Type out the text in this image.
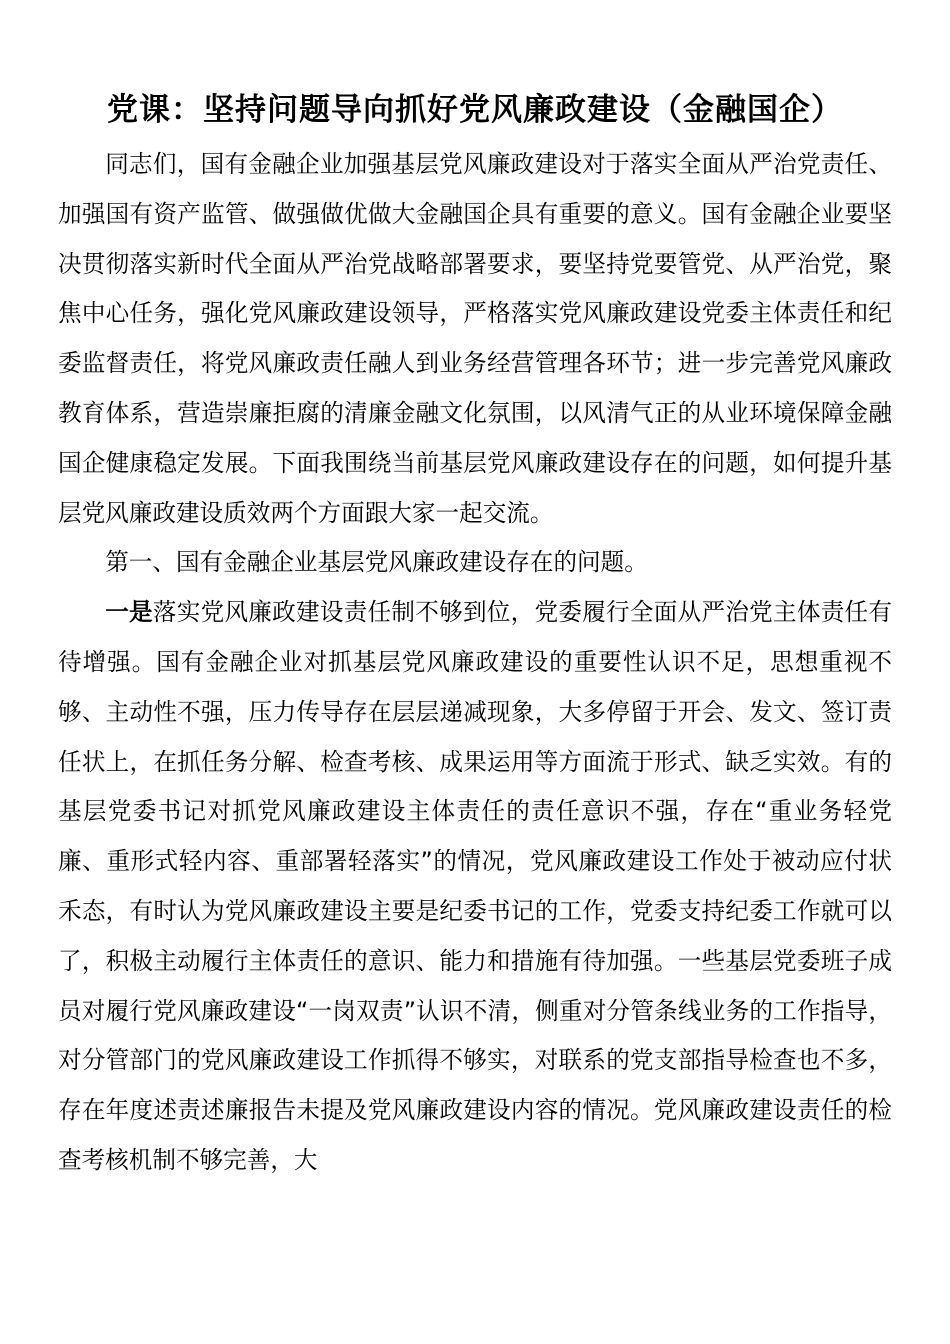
党课：坚持问题导向抓好党风廉政建设（金融国企）

同志们，国有金融企业加强基层党风廉政建设对于落实全面从严治党责任、加强国有资产监管、做强做优做大金融国企具有重要的意义。国有金融企业要坚决贯彻落实新时代全面从严治党战略部署要求，要坚持党要管党、从严治党，聚焦中心任务，强化党风廉政建设领导，严格落实党风廉政建设党委主体责任和纪委监督责任，将党风廉政责任融人到业务经营管理各环节；进一步完善党风廉政教育体系，营造崇廉拒腐的清廉金融文化氛围，以风清气正的从业环境保障金融国企健康稳定发展。下面我围绕当前基层党风廉政建设存在的问题，如何提升基层党风廉政建设质效两个方面跟大家一起交流。

第一、国有金融企业基层党风廉政建设存在的问题。

一是落实党风廉政建设责任制不够到位，党委履行全面从严治党主体责任有待增强。国有金融企业对抓基层党风廉政建设的重要性认识不足，思想重视不够、主动性不强，压力传导存在层层递减现象，大多停留于开会、发文、签订责任状上，在抓任务分解、检查考核、成果运用等方面流于形式、缺乏实效。有的基层党委书记对抓党风廉政建设主体责任的责任意识不强，存在“重业务轻党廉、重形式轻内容、重部署轻落实”的情况，党风廉政建设工作处于被动应付状禾态，有时认为党风廉政建设主要是纪委书记的工作，党委支持纪委工作就可以了，积极主动履行主体责任的意识、能力和措施有待加强。一些基层党委班子成员对履行党风廉政建设“一岗双责”认识不清，侧重对分管条线业务的工作指导，对分管部门的党风廉政建设工作抓得不够实，对联系的党支部指导检查也不多，存在年度述责述廉报告未提及党风廉政建设内容的情况。党风廉政建设责任的检查考核机制不够完善，大
